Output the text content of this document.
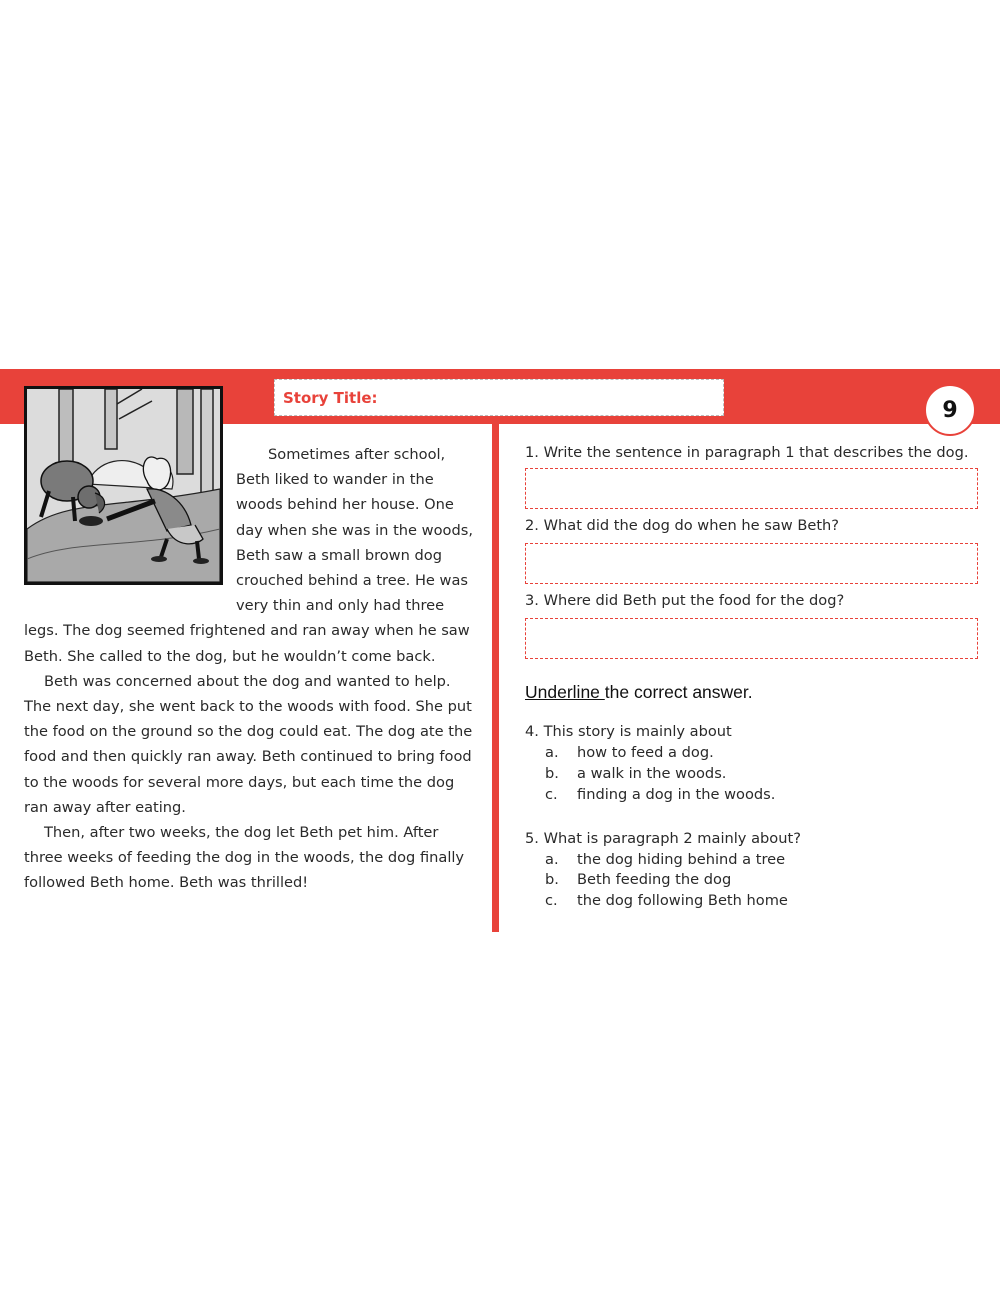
Story Title:	9

Sometimes after school,

Beth liked to wander in the

woods behind her house. One

day when she was in the woods,

Beth saw a small brown dog

crouched behind a tree. He was

very thin and only had three

legs. The dog seemed frightened and ran away when he saw

Beth. She called to the dog, but he wouldn’t come back.

Beth was concerned about the dog and wanted to help.

The next day, she went back to the woods with food. She put

the food on the ground so the dog could eat. The dog ate the

food and then quickly ran away. Beth continued to bring food

to the woods for several more days, but each time the dog

ran away after eating.

Then, after two weeks, the dog let Beth pet him. After

three weeks of feeding the dog in the woods, the dog finally

followed Beth home. Beth was thrilled!

1. Write the sentence in paragraph 1 that describes the dog.
2. What did the dog do when he saw Beth?
3. Where did Beth put the food for the dog?
Underline the correct answer.
4. This story is mainly about
a. how to feed a dog.
b. a walk in the woods.
c. finding a dog in the woods.
5. What is paragraph 2 mainly about?
a. the dog hiding behind a tree
b. Beth feeding the dog
c. the dog following Beth home
